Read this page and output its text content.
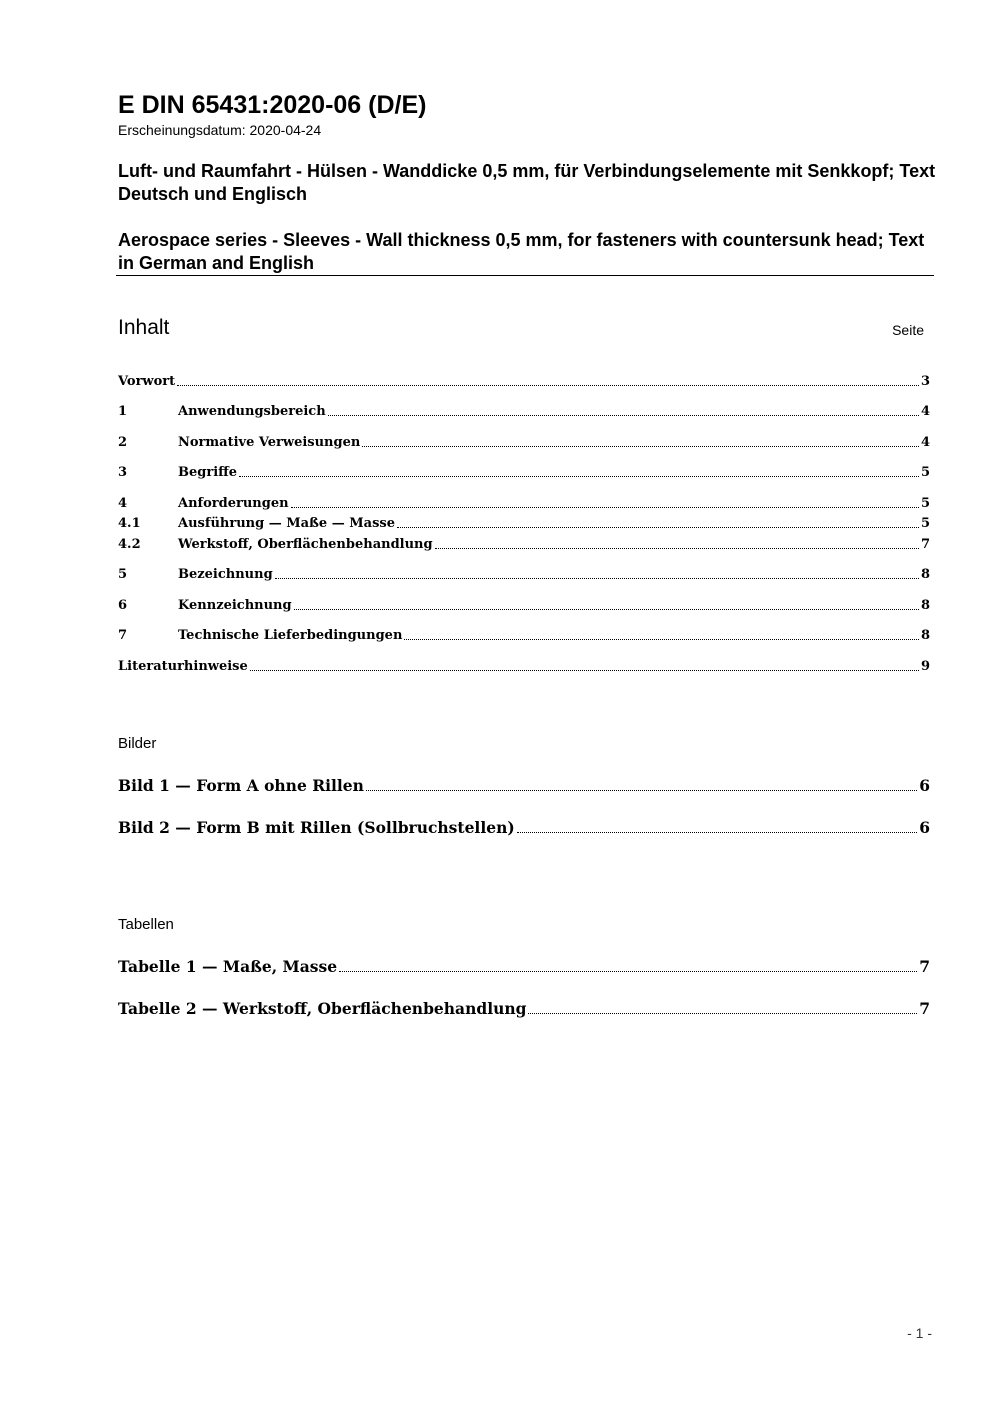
E DIN 65431:2020-06 (D/E)
Erscheinungsdatum: 2020-04-24
Luft- und Raumfahrt - Hülsen - Wanddicke 0,5 mm, für Verbindungselemente mit Senkkopf; Text Deutsch und Englisch
Aerospace series - Sleeves - Wall thickness 0,5 mm, for fasteners with countersunk head; Text in German and English
Inhalt	Seite
Vorwort	3
1	Anwendungsbereich	4
2	Normative Verweisungen	4
3	Begriffe	5
4	Anforderungen	5
4.1	Ausführung — Maße — Masse	5
4.2	Werkstoff, Oberflächenbehandlung	7
5	Bezeichnung	8
6	Kennzeichnung	8
7	Technische Lieferbedingungen	8
Literaturhinweise	9
Bilder
Bild 1 — Form A ohne Rillen	6
Bild 2 — Form B mit Rillen (Sollbruchstellen)	6
Tabellen
Tabelle 1 — Maße, Masse	7
Tabelle 2 — Werkstoff, Oberflächenbehandlung	7
- 1 -
